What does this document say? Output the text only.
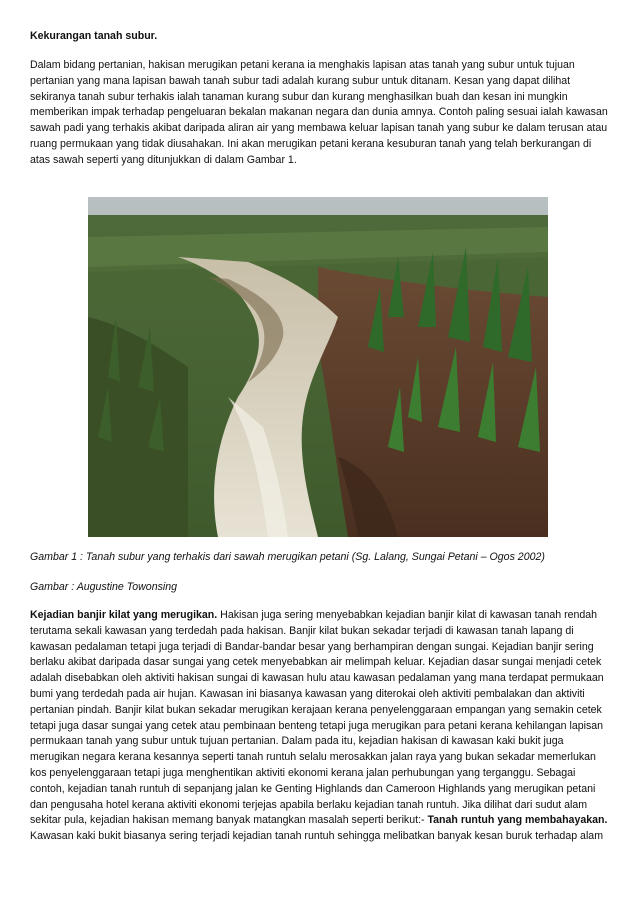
Kekurangan tanah subur.

Dalam bidang pertanian, hakisan merugikan petani kerana ia menghakis lapisan atas tanah yang subur untuk tujuan pertanian yang mana lapisan bawah tanah subur tadi adalah kurang subur untuk ditanam. Kesan yang dapat dilihat sekiranya tanah subur terhakis ialah tanaman kurang subur dan kurang menghasilkan buah dan kesan ini mungkin memberikan impak terhadap pengeluaran bekalan makanan negara dan dunia amnya. Contoh paling sesuai ialah kawasan sawah padi yang terhakis akibat daripada aliran air yang membawa keluar lapisan tanah yang subur ke dalam terusan atau ruang permukaan yang tidak diusahakan. Ini akan merugikan petani kerana kesuburan tanah yang telah berkurangan di atas sawah seperti yang ditunjukkan di dalam Gambar 1.

Gambar 1 : Tanah subur yang terhakis dari sawah merugikan petani (Sg. Lalang, Sungai Petani – Ogos 2002)

Gambar : Augustine Towonsing

Kejadian banjir kilat yang merugikan. Hakisan juga sering menyebabkan kejadian banjir kilat di kawasan tanah rendah terutama sekali kawasan yang terdedah pada hakisan. Banjir kilat bukan sekadar terjadi di kawasan tanah lapang di kawasan pedalaman tetapi juga terjadi di Bandar-bandar besar yang berhampiran dengan sungai. Kejadian banjir sering berlaku akibat daripada dasar sungai yang cetek menyebabkan air melimpah keluar. Kejadian dasar sungai menjadi cetek adalah disebabkan oleh aktiviti hakisan sungai di kawasan hulu atau kawasan pedalaman yang mana terdapat permukaan bumi yang terdedah pada air hujan. Kawasan ini biasanya kawasan yang diterokai oleh aktiviti pembalakan dan aktiviti pertanian pindah. Banjir kilat bukan sekadar merugikan kerajaan kerana penyelenggaraan empangan yang semakin cetek tetapi juga dasar sungai yang cetek atau pembinaan benteng tetapi juga merugikan para petani kerana kehilangan lapisan permukaan tanah yang subur untuk tujuan pertanian. Dalam pada itu, kejadian hakisan di kawasan kaki bukit juga merugikan negara kerana kesannya seperti tanah runtuh selalu merosakkan jalan raya yang bukan sekadar memerlukan kos penyelenggaraan tetapi juga menghentikan aktiviti ekonomi kerana jalan perhubungan yang terganggu. Sebagai contoh, kejadian tanah runtuh di sepanjang jalan ke Genting Highlands dan Cameroon Highlands yang merugikan petani dan pengusaha hotel kerana aktiviti ekonomi terjejas apabila berlaku kejadian tanah runtuh. Jika dilihat dari sudut alam sekitar pula, kejadian hakisan memang banyak matangkan masalah seperti berikut:- Tanah runtuh yang membahayakan. Kawasan kaki bukit biasanya sering terjadi kejadian tanah runtuh sehingga melibatkan banyak kesan buruk terhadap alam
